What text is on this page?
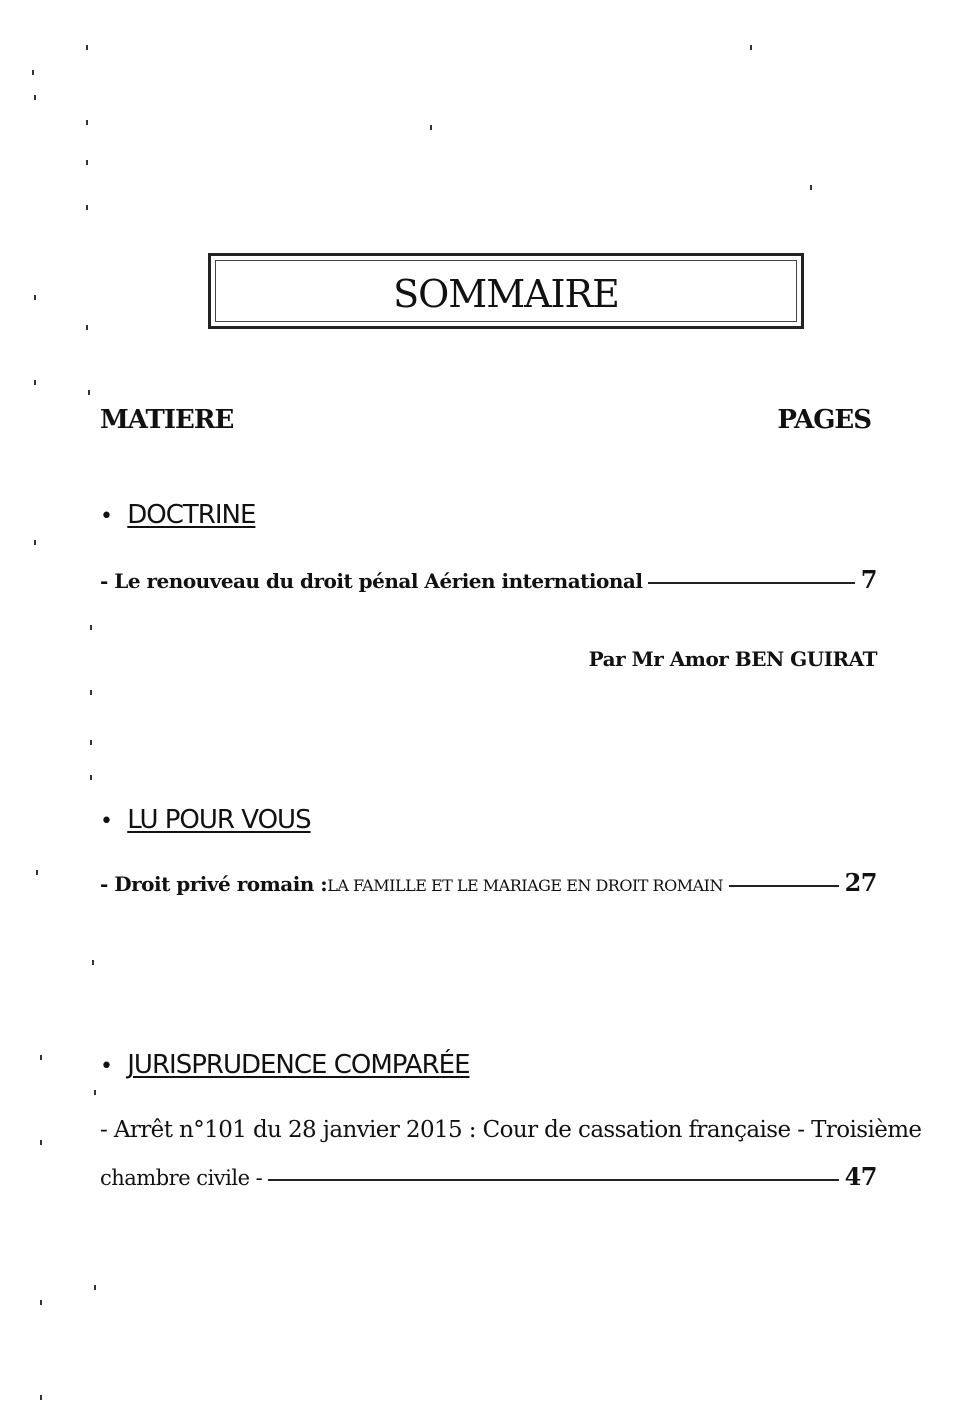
SOMMAIRE
MATIERE	PAGES
• DOCTRINE
- Le renouveau du droit pénal Aérien international	7
Par Mr Amor BEN GUIRAT
• LU POUR VOUS
- Droit privé romain : LA FAMILLE ET LE MARIAGE EN DROIT ROMAIN	27
• JURISPRUDENCE COMPARÉE
- Arrêt n°101 du 28 janvier 2015 : Cour de cassation française - Troisième
chambre civile -	47
